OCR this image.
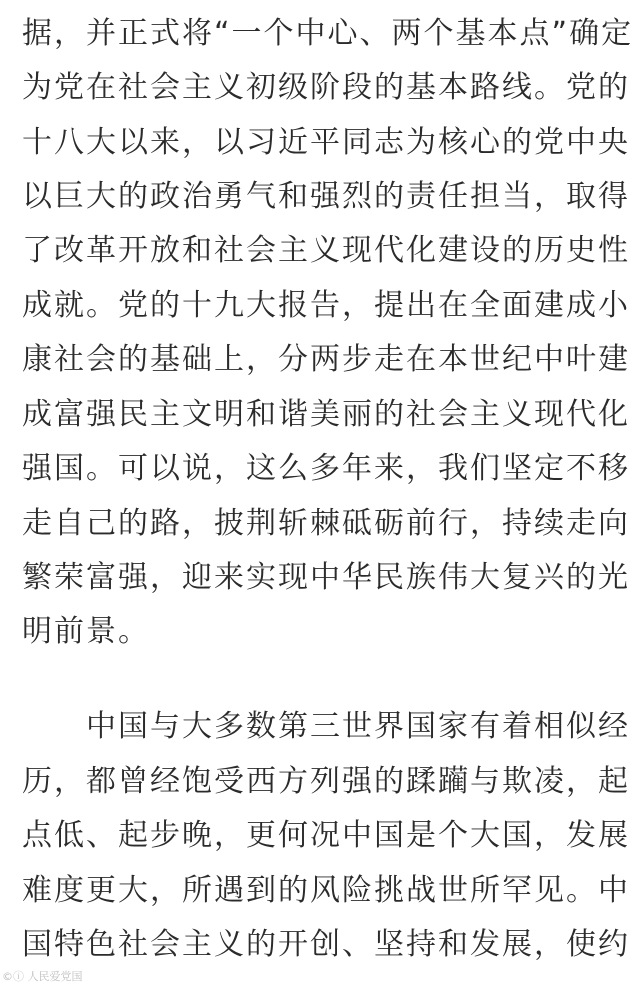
据，并正式将“一个中心、两个基本点”确定
为党在社会主义初级阶段的基本路线。党的
十八大以来，以习近平同志为核心的党中央
以巨大的政治勇气和强烈的责任担当，取得
了改革开放和社会主义现代化建设的历史性
成就。党的十九大报告，提出在全面建成小
康社会的基础上，分两步走在本世纪中叶建
成富强民主文明和谐美丽的社会主义现代化
强国。可以说，这么多年来，我们坚定不移
走自己的路，披荆斩棘砥砺前行，持续走向
繁荣富强，迎来实现中华民族伟大复兴的光
明前景。
　　中国与大多数第三世界国家有着相似经
历，都曾经饱受西方列强的蹂躏与欺凌，起
点低、起步晚，更何况中国是个大国，发展
难度更大，所遇到的风险挑战世所罕见。中
国特色社会主义的开创、坚持和发展，使约
©ⓘ 人民爱党国
